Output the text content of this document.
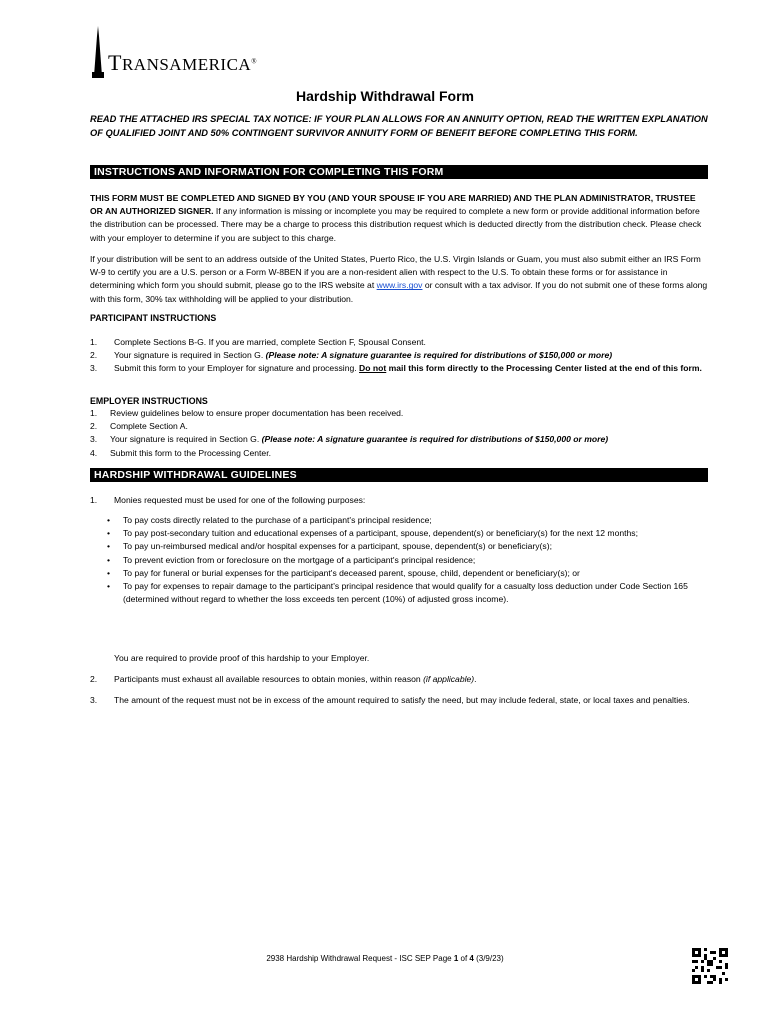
TRANSAMERICA®
Hardship Withdrawal Form
READ THE ATTACHED IRS SPECIAL TAX NOTICE: IF YOUR PLAN ALLOWS FOR AN ANNUITY OPTION, READ THE WRITTEN EXPLANATION OF QUALIFIED JOINT AND 50% CONTINGENT SURVIVOR ANNUITY FORM OF BENEFIT BEFORE COMPLETING THIS FORM.
INSTRUCTIONS AND INFORMATION FOR COMPLETING THIS FORM
THIS FORM MUST BE COMPLETED AND SIGNED BY YOU (AND YOUR SPOUSE IF YOU ARE MARRIED) AND THE PLAN ADMINISTRATOR, TRUSTEE OR AN AUTHORIZED SIGNER. If any information is missing or incomplete you may be required to complete a new form or provide additional information before the distribution can be processed. There may be a charge to process this distribution request which is deducted directly from the distribution check. Please check with your employer to determine if you are subject to this charge.
If your distribution will be sent to an address outside of the United States, Puerto Rico, the U.S. Virgin Islands or Guam, you must also submit either an IRS Form W-9 to certify you are a U.S. person or a Form W-8BEN if you are a non-resident alien with respect to the U.S. To obtain these forms or for assistance in determining which form you should submit, please go to the IRS website at www.irs.gov or consult with a tax advisor. If you do not submit one of these forms along with this form, 30% tax withholding will be applied to your distribution.
PARTICIPANT INSTRUCTIONS
1.	Complete Sections B-G. If you are married, complete Section F, Spousal Consent.
2.	Your signature is required in Section G. (Please note: A signature guarantee is required for distributions of $150,000 or more)
3.	Submit this form to your Employer for signature and processing. Do not mail this form directly to the Processing Center listed at the end of this form.
EMPLOYER INSTRUCTIONS
1.	Review guidelines below to ensure proper documentation has been received.
2.	Complete Section A.
3.	Your signature is required in Section G. (Please note: A signature guarantee is required for distributions of $150,000 or more)
4.	Submit this form to the Processing Center.
HARDSHIP WITHDRAWAL GUIDELINES
1.	Monies requested must be used for one of the following purposes:
•	To pay costs directly related to the purchase of a participant's principal residence;
•	To pay post-secondary tuition and educational expenses of a participant, spouse, dependent(s) or beneficiary(s) for the next 12 months;
•	To pay un-reimbursed medical and/or hospital expenses for a participant, spouse, dependent(s) or beneficiary(s);
•	To prevent eviction from or foreclosure on the mortgage of a participant's principal residence;
•	To pay for funeral or burial expenses for the participant's deceased parent, spouse, child, dependent or beneficiary(s); or
•	To pay for expenses to repair damage to the participant's principal residence that would qualify for a casualty loss deduction under Code Section 165 (determined without regard to whether the loss exceeds ten percent (10%) of adjusted gross income).
You are required to provide proof of this hardship to your Employer.
2.	Participants must exhaust all available resources to obtain monies, within reason (if applicable).
3.	The amount of the request must not be in excess of the amount required to satisfy the need, but may include federal, state, or local taxes and penalties.
2938 Hardship Withdrawal Request - ISC SEP Page 1 of 4 (3/9/23)
